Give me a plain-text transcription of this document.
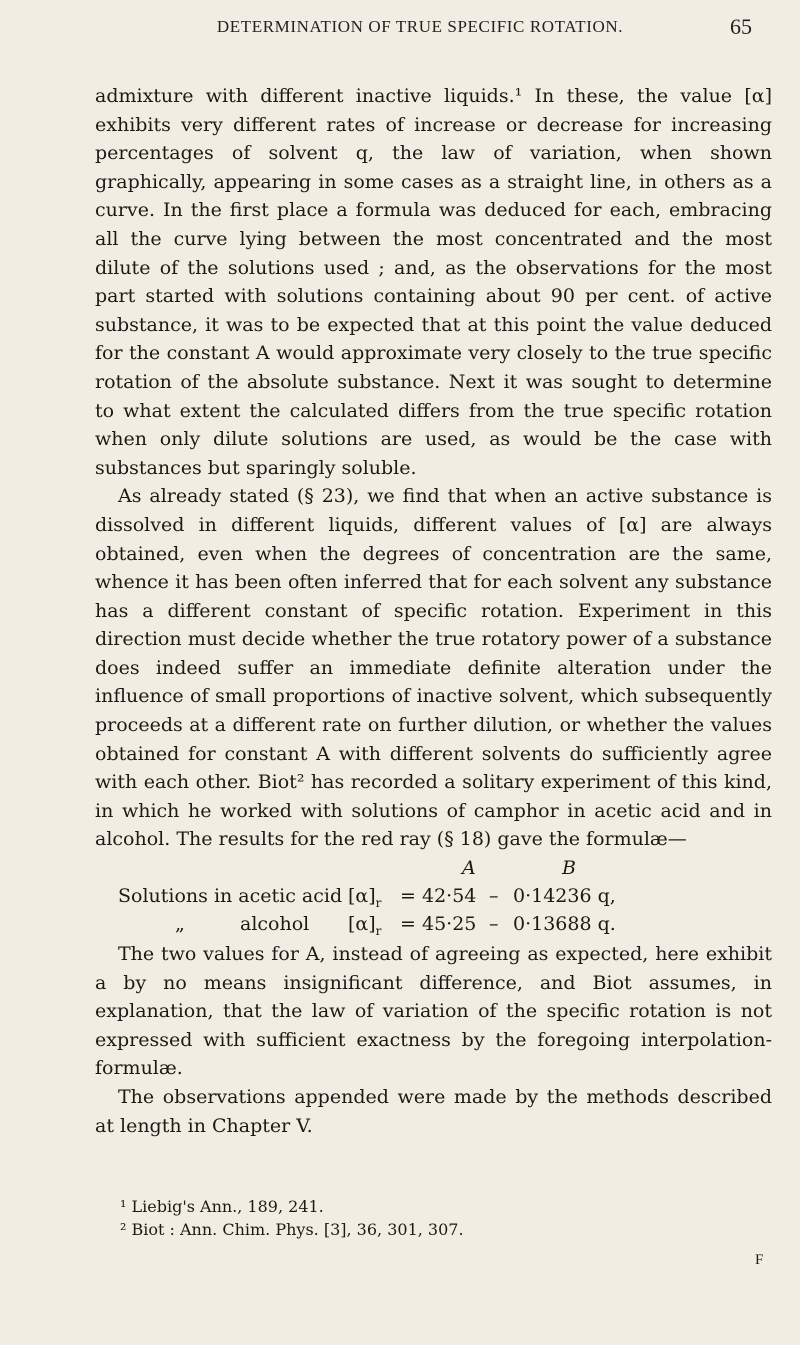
DETERMINATION OF TRUE SPECIFIC ROTATION.	65

admixture with different inactive liquids.¹ In these, the value [α] exhibits very different rates of increase or decrease for increasing percentages of solvent q, the law of variation, when shown graphically, appearing in some cases as a straight line, in others as a curve. In the first place a formula was deduced for each, embracing all the curve lying between the most concentrated and the most dilute of the solutions used ; and, as the observations for the most part started with solutions containing about 90 per cent. of active substance, it was to be expected that at this point the value deduced for the constant A would approximate very closely to the true specific rotation of the absolute substance. Next it was sought to determine to what extent the calculated differs from the true specific rotation when only dilute solutions are used, as would be the case with substances but sparingly soluble.

As already stated (§ 23), we find that when an active substance is dissolved in different liquids, different values of [α] are always obtained, even when the degrees of concentration are the same, whence it has been often inferred that for each solvent any substance has a different constant of specific rotation. Experiment in this direction must decide whether the true rotatory power of a substance does indeed suffer an immediate definite alteration under the influence of small proportions of inactive solvent, which subsequently proceeds at a different rate on further dilution, or whether the values obtained for constant A with different solvents do sufficiently agree with each other. Biot² has recorded a solitary experiment of this kind, in which he worked with solutions of camphor in acetic acid and in alcohol. The results for the red ray (§ 18) gave the formulæ—

A	B
Solutions in acetic acid $[\alpha]_r = 42\cdot 54 - 0\cdot 14236$ q,
„	alcohol $[\alpha]_r = 45\cdot 25 - 0\cdot 13688$ q.

The two values for A, instead of agreeing as expected, here exhibit a by no means insignificant difference, and Biot assumes, in explanation, that the law of variation of the specific rotation is not expressed with sufficient exactness by the foregoing interpolation-formulæ.

The observations appended were made by the methods described at length in Chapter V.

¹ Liebig's Ann., 189, 241.
² Biot : Ann. Chim. Phys. [3], 36, 301, 307.
F
